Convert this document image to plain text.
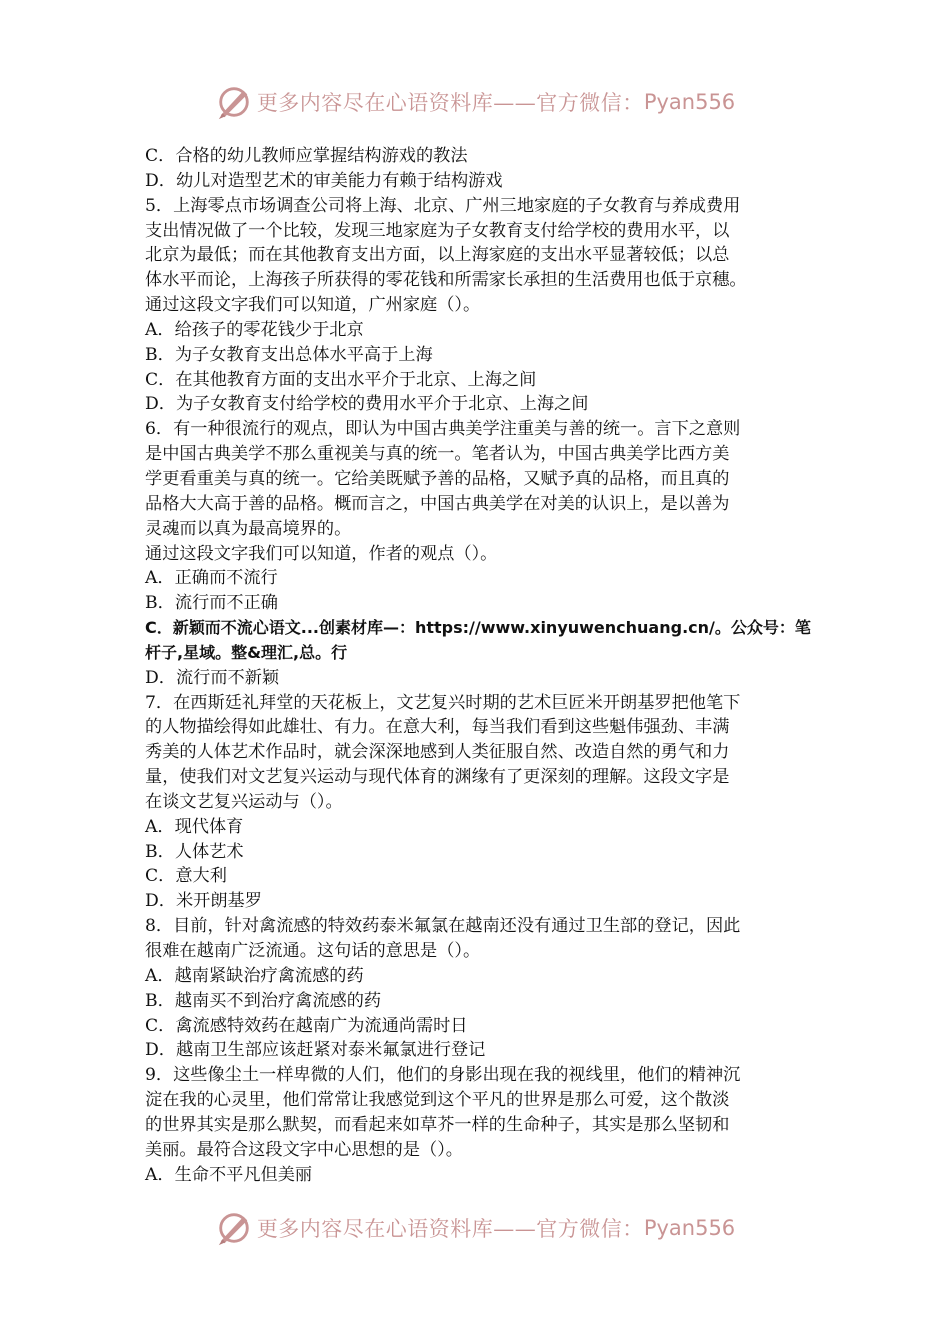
更多内容尽在心语资料库——官方微信： Pyan556
C．合格的幼儿教师应掌握结构游戏的教法
D．幼儿对造型艺术的审美能力有赖于结构游戏
5．上海零点市场调查公司将上海、北京、广州三地家庭的子女教育与养成费用
支出情况做了一个比较，发现三地家庭为子女教育支付给学校的费用水平，以
北京为最低；而在其他教育支出方面，以上海家庭的支出水平显著较低；以总
体水平而论，上海孩子所获得的零花钱和所需家长承担的生活费用也低于京穗。
通过这段文字我们可以知道，广州家庭（）。
A．给孩子的零花钱少于北京
B．为子女教育支出总体水平高于上海
C．在其他教育方面的支出水平介于北京、上海之间
D．为子女教育支付给学校的费用水平介于北京、上海之间
6．有一种很流行的观点，即认为中国古典美学注重美与善的统一。言下之意则
是中国古典美学不那么重视美与真的统一。笔者认为，中国古典美学比西方美
学更看重美与真的统一。它给美既赋予善的品格，又赋予真的品格，而且真的
品格大大高于善的品格。概而言之，中国古典美学在对美的认识上，是以善为
灵魂而以真为最高境界的。
通过这段文字我们可以知道，作者的观点（）。
A．正确而不流行
B．流行而不正确
C．新颖而不流心语文...创素材库—：https://www.xinyuwenchuang.cn/。公众号：笔
杆子,星域。整&理汇,总。行
D．流行而不新颖
7．在西斯廷礼拜堂的天花板上，文艺复兴时期的艺术巨匠米开朗基罗把他笔下
的人物描绘得如此雄壮、有力。在意大利，每当我们看到这些魁伟强劲、丰满
秀美的人体艺术作品时，就会深深地感到人类征服自然、改造自然的勇气和力
量，使我们对文艺复兴运动与现代体育的渊缘有了更深刻的理解。这段文字是
在谈文艺复兴运动与（）。
A．现代体育
B．人体艺术
C．意大利
D．米开朗基罗
8．目前，针对禽流感的特效药泰米氟氯在越南还没有通过卫生部的登记，因此
很难在越南广泛流通。这句话的意思是（）。
A．越南紧缺治疗禽流感的药
B．越南买不到治疗禽流感的药
C．禽流感特效药在越南广为流通尚需时日
D．越南卫生部应该赶紧对泰米氟氯进行登记
9．这些像尘土一样卑微的人们，他们的身影出现在我的视线里，他们的精神沉
淀在我的心灵里，他们常常让我感觉到这个平凡的世界是那么可爱，这个散淡
的世界其实是那么默契，而看起来如草芥一样的生命种子，其实是那么坚韧和
美丽。最符合这段文字中心思想的是（）。
A．生命不平凡但美丽
更多内容尽在心语资料库——官方微信： Pyan556
